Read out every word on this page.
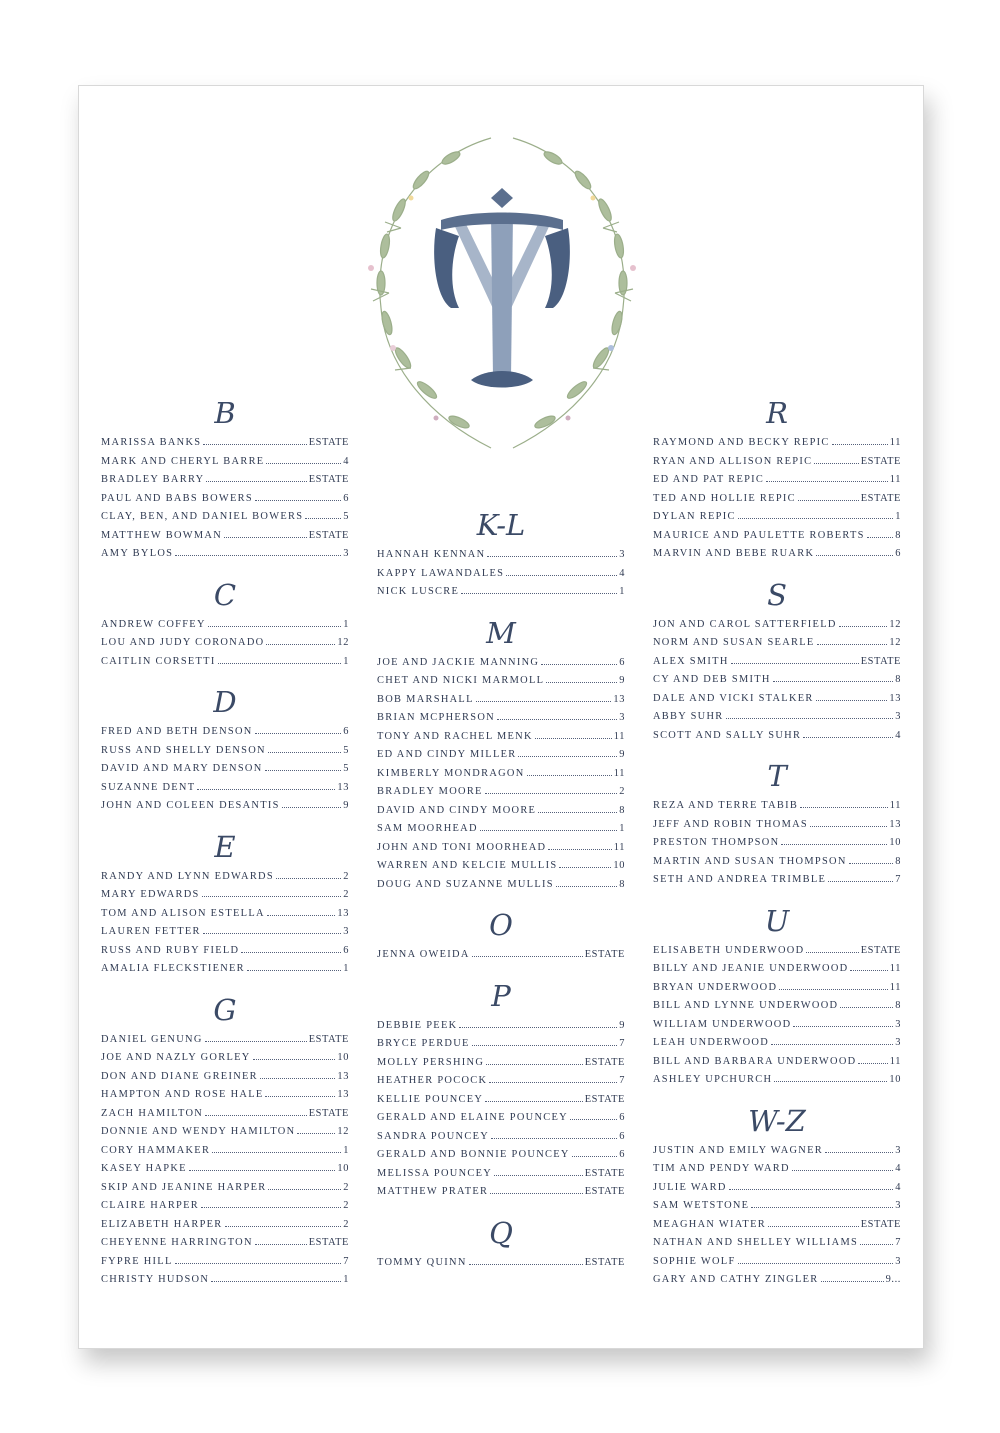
B
MARISSA BANKS	ESTATE
MARK AND CHERYL BARRE	4
BRADLEY BARRY	ESTATE
PAUL AND BABS BOWERS	6
CLAY, BEN, AND DANIEL BOWERS	5
MATTHEW BOWMAN	ESTATE
AMY BYLOS	3
C
ANDREW COFFEY	1
LOU AND JUDY CORONADO	12
CAITLIN CORSETTI	1
D
FRED AND BETH DENSON	6
RUSS AND SHELLY DENSON	5
DAVID AND MARY DENSON	5
SUZANNE DENT	13
JOHN AND COLEEN DESANTIS	9
E
RANDY AND LYNN EDWARDS	2
MARY EDWARDS	2
TOM AND ALISON ESTELLA	13
LAUREN FETTER	3
RUSS AND RUBY FIELD	6
AMALIA FLECKSTIENER	1
G
DANIEL GENUNG	ESTATE
JOE AND NAZLY GORLEY	10
DON AND DIANE GREINER	13
HAMPTON AND ROSE HALE	13
ZACH HAMILTON	ESTATE
DONNIE AND WENDY HAMILTON	12
CORY HAMMAKER	1
KASEY HAPKE	10
SKIP AND JEANINE HARPER	2
CLAIRE HARPER	2
ELIZABETH HARPER	2
CHEYENNE HARRINGTON	ESTATE
FYPRE HILL	7
CHRISTY HUDSON	1
K-L
HANNAH KENNAN	3
KAPPY LAWANDALES	4
NICK LUSCRE	1
M
JOE AND JACKIE MANNING	6
CHET AND NICKI MARMOLL	9
BOB MARSHALL	13
BRIAN MCPHERSON	3
TONY AND RACHEL MENK	11
ED AND CINDY MILLER	9
KIMBERLY MONDRAGON	11
BRADLEY MOORE	2
DAVID AND CINDY MOORE	8
SAM MOORHEAD	1
JOHN AND TONI MOORHEAD	11
WARREN AND KELCIE MULLIS	10
DOUG AND SUZANNE MULLIS	8
O
JENNA OWEIDA	ESTATE
P
DEBBIE PEEK	9
BRYCE PERDUE	7
MOLLY PERSHING	ESTATE
HEATHER POCOCK	7
KELLIE POUNCEY	ESTATE
GERALD AND ELAINE POUNCEY	6
SANDRA POUNCEY	6
GERALD AND BONNIE POUNCEY	6
MELISSA POUNCEY	ESTATE
MATTHEW PRATER	ESTATE
Q
TOMMY QUINN	ESTATE
R
RAYMOND AND BECKY REPIC	11
RYAN AND ALLISON REPIC	ESTATE
ED AND PAT REPIC	11
TED AND HOLLIE REPIC	ESTATE
DYLAN REPIC	1
MAURICE AND PAULETTE ROBERTS	8
MARVIN AND BEBE RUARK	6
S
JON AND CAROL SATTERFIELD	12
NORM AND SUSAN SEARLE	12
ALEX SMITH	ESTATE
CY AND DEB SMITH	8
DALE AND VICKI STALKER	13
ABBY SUHR	3
SCOTT AND SALLY SUHR	4
T
REZA AND TERRE TABIB	11
JEFF AND ROBIN THOMAS	13
PRESTON THOMPSON	10
MARTIN AND SUSAN THOMPSON	8
SETH AND ANDREA TRIMBLE	7
U
ELISABETH UNDERWOOD	ESTATE
BILLY AND JEANIE UNDERWOOD	11
BRYAN UNDERWOOD	11
BILL AND LYNNE UNDERWOOD	8
WILLIAM UNDERWOOD	3
LEAH UNDERWOOD	3
BILL AND BARBARA UNDERWOOD	11
ASHLEY UPCHURCH	10
W-Z
JUSTIN AND EMILY WAGNER	3
TIM AND PENDY WARD	4
JULIE WARD	4
SAM WETSTONE	3
MEAGHAN WIATER	ESTATE
NATHAN AND SHELLEY WILLIAMS	7
SOPHIE WOLF	3
GARY AND CATHY ZINGLER	9...
